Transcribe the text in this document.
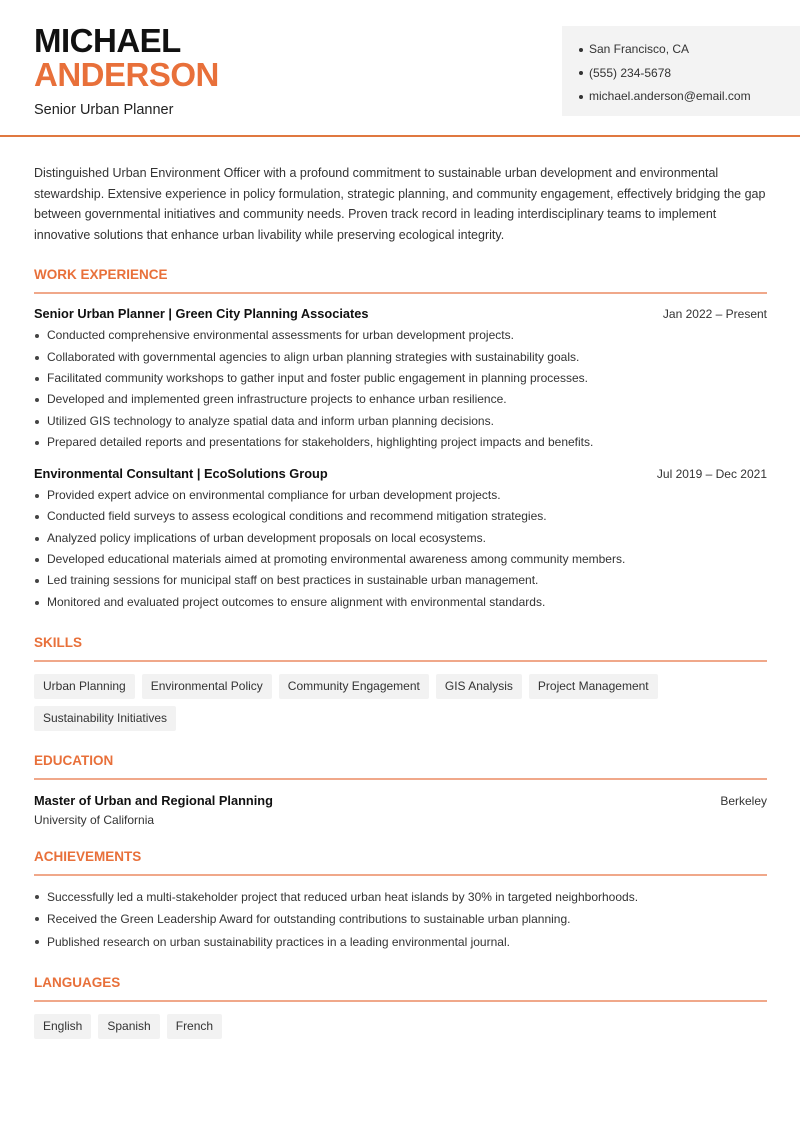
MICHAEL
ANDERSON
Senior Urban Planner
San Francisco, CA
(555) 234-5678
michael.anderson@email.com

Distinguished Urban Environment Officer with a profound commitment to sustainable urban development and environmental stewardship. Extensive experience in policy formulation, strategic planning, and community engagement, effectively bridging the gap between governmental initiatives and community needs. Proven track record in leading interdisciplinary teams to implement innovative solutions that enhance urban livability while preserving ecological integrity.

WORK EXPERIENCE
Senior Urban Planner | Green City Planning Associates	Jan 2022 – Present
Conducted comprehensive environmental assessments for urban development projects.
Collaborated with governmental agencies to align urban planning strategies with sustainability goals.
Facilitated community workshops to gather input and foster public engagement in planning processes.
Developed and implemented green infrastructure projects to enhance urban resilience.
Utilized GIS technology to analyze spatial data and inform urban planning decisions.
Prepared detailed reports and presentations for stakeholders, highlighting project impacts and benefits.
Environmental Consultant | EcoSolutions Group	Jul 2019 – Dec 2021
Provided expert advice on environmental compliance for urban development projects.
Conducted field surveys to assess ecological conditions and recommend mitigation strategies.
Analyzed policy implications of urban development proposals on local ecosystems.
Developed educational materials aimed at promoting environmental awareness among community members.
Led training sessions for municipal staff on best practices in sustainable urban management.
Monitored and evaluated project outcomes to ensure alignment with environmental standards.
SKILLS
Urban Planning	Environmental Policy	Community Engagement	GIS Analysis	Project Management
Sustainability Initiatives
EDUCATION
Master of Urban and Regional Planning	Berkeley
University of California
ACHIEVEMENTS
Successfully led a multi-stakeholder project that reduced urban heat islands by 30% in targeted neighborhoods.
Received the Green Leadership Award for outstanding contributions to sustainable urban planning.
Published research on urban sustainability practices in a leading environmental journal.
LANGUAGES
English	Spanish	French
